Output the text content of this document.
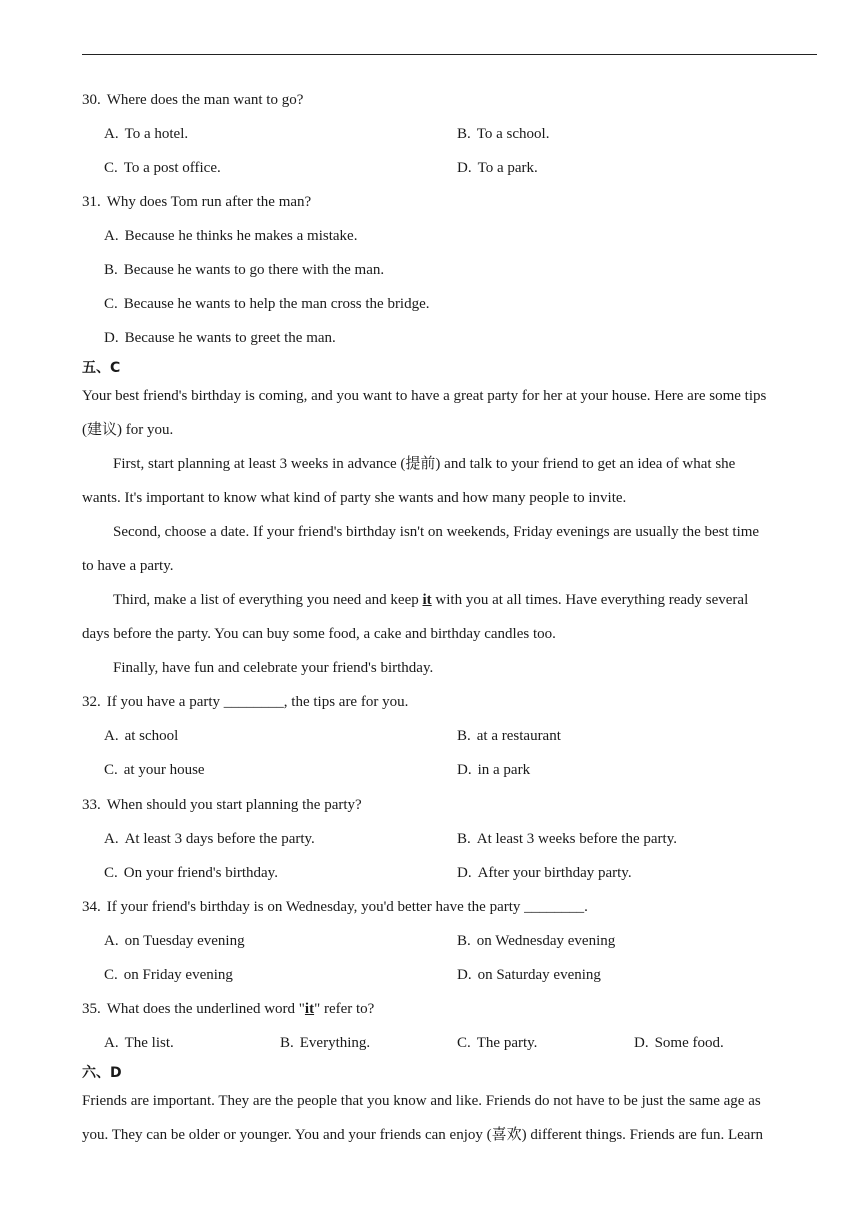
30. Where does the man want to go?
A. To a hotel.	B. To a school.
C. To a post office.	D. To a park.
31. Why does Tom run after the man?
A. Because he thinks he makes a mistake.
B. Because he wants to go there with the man.
C. Because he wants to help the man cross the bridge.
D. Because he wants to greet the man.
五、C
Your best friend's birthday is coming, and you want to have a great party for her at your house. Here are some tips
(建议) for you.
First, start planning at least 3 weeks in advance (提前) and talk to your friend to get an idea of what she
wants. It's important to know what kind of party she wants and how many people to invite.
Second, choose a date. If your friend's birthday isn't on weekends, Friday evenings are usually the best time
to have a party.
Third, make a list of everything you need and keep it with you at all times. Have everything ready several
days before the party. You can buy some food, a cake and birthday candles too.
Finally, have fun and celebrate your friend's birthday.
32. If you have a party ________, the tips are for you.
A. at school	B. at a restaurant
C. at your house	D. in a park
33. When should you start planning the party?
A. At least 3 days before the party.	B. At least 3 weeks before the party.
C. On your friend's birthday.	D. After your birthday party.
34. If your friend's birthday is on Wednesday, you'd better have the party ________.
A. on Tuesday evening	B. on Wednesday evening
C. on Friday evening	D. on Saturday evening
35. What does the underlined word "it" refer to?
A. The list.	B. Everything.	C. The party.	D. Some food.
六、D
Friends are important. They are the people that you know and like. Friends do not have to be just the same age as
you. They can be older or younger. You and your friends can enjoy (喜欢) different things. Friends are fun. Learn
